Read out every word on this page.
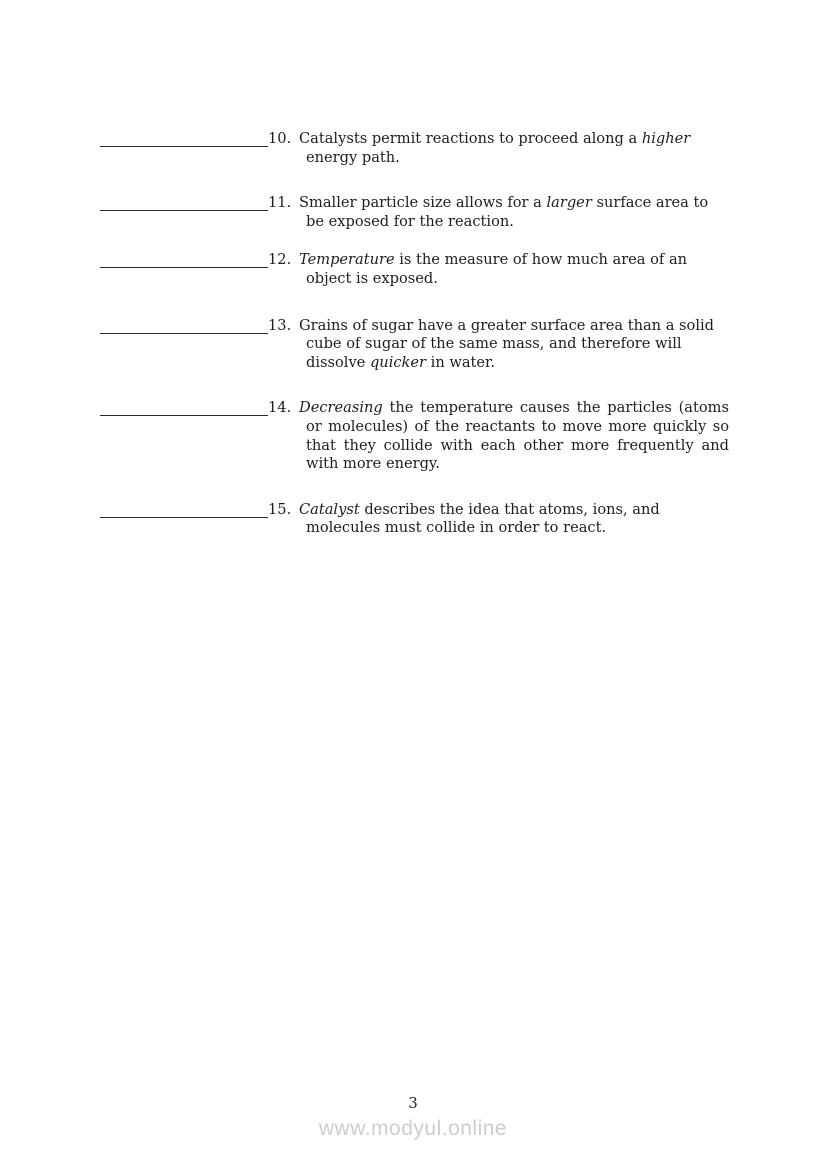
10. Catalysts permit reactions to proceed along a higher
energy path.
11. Smaller particle size allows for a larger surface area to
be exposed for the reaction.
12. Temperature is the measure of how much area of an
object is exposed.
13. Grains of sugar have a greater surface area than a solid
cube of sugar of the same mass, and therefore will
dissolve quicker in water.
14. Decreasing the temperature causes the particles (atoms
or molecules) of the reactants to move more quickly so
that they collide with each other more frequently and
with more energy.
15. Catalyst describes the idea that atoms, ions, and
molecules must collide in order to react.
3
www.modyul.online
